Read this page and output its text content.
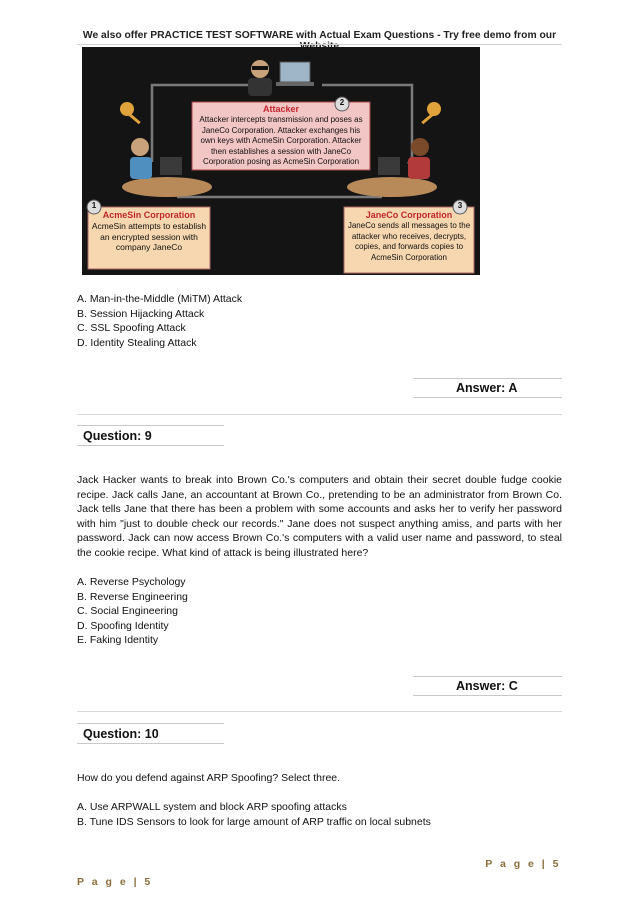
We also offer PRACTICE TEST SOFTWARE with Actual Exam Questions - Try free demo from our
2
1	3
Attacker
Attacker intercepts transmission and poses as JaneCo Corporation. Attacker exchanges his own keys with AcmeSin Corporation. Attacker then establishes a session with JaneCo Corporation posing as AcmeSin Corporation
AcmeSin Corporation
AcmeSin attempts to establish an encrypted session with company JaneCo
JaneCo Corporation
JaneCo sends all messages to the attacker who receives, decrypts, copies, and forwards copies to AcmeSin Corporation
A. Man-in-the-Middle (MiTM) Attack
B. Session Hijacking Attack
C. SSL Spoofing Attack
D. Identity Stealing Attack
Answer: A
Question: 9
Jack Hacker wants to break into Brown Co.'s computers and obtain their secret double fudge cookie recipe. Jack calls Jane, an accountant at Brown Co., pretending to be an administrator from Brown Co. Jack tells Jane that there has been a problem with some accounts and asks her to verify her password with him "just to double check our records." Jane does not suspect anything amiss, and parts with her password. Jack can now access Brown Co.'s computers with a valid user name and password, to steal the cookie recipe. What kind of attack is being illustrated here?
A. Reverse Psychology
B. Reverse Engineering
C. Social Engineering
D. Spoofing Identity
E. Faking Identity
Answer: C
Question: 10
How do you defend against ARP Spoofing? Select three.
A. Use ARPWALL system and block ARP spoofing attacks
B. Tune IDS Sensors to look for large amount of ARP traffic on local subnets
P a g e | 5
P a g e | 5
